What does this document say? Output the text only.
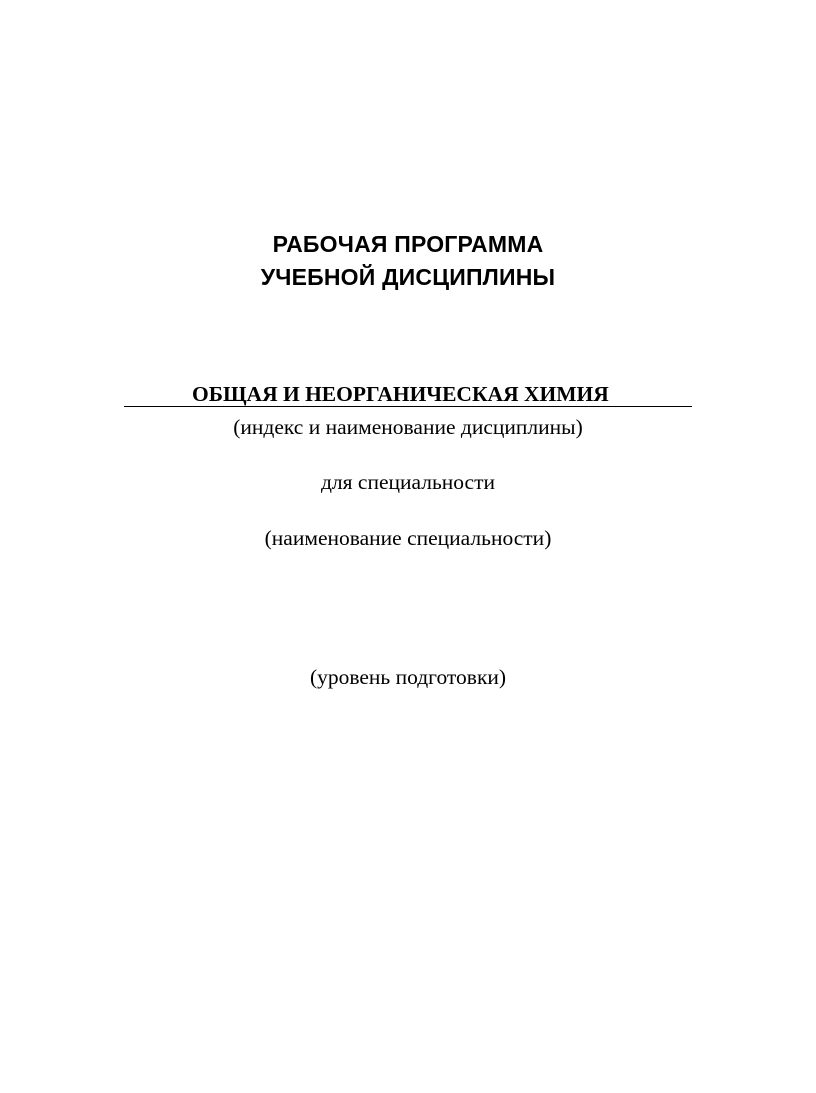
РАБОЧАЯ ПРОГРАММА
УЧЕБНОЙ ДИСЦИПЛИНЫ
ОБЩАЯ И НЕОРГАНИЧЕСКАЯ ХИМИЯ
(индекс и наименование дисциплины)
для специальности
(наименование специальности)
(уровень подготовки)
